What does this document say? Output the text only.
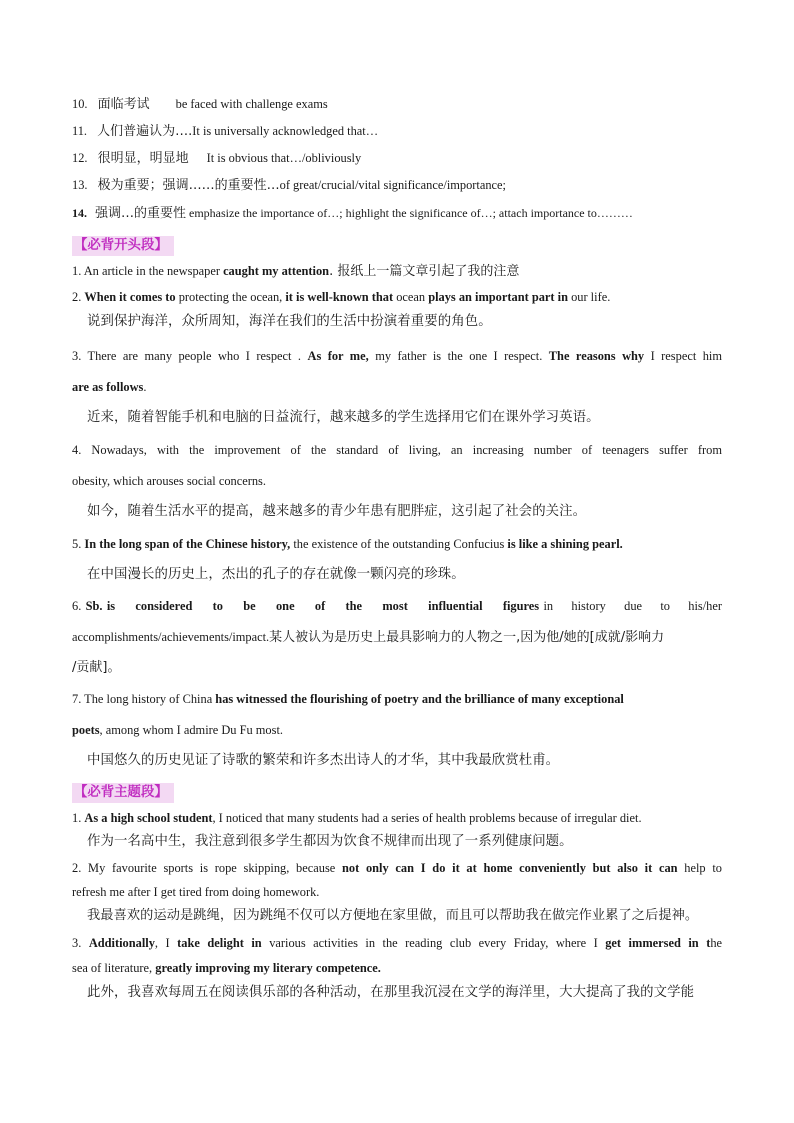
10. 面临考试 be faced with challenge exams
11. 人们普遍认为….It is universally acknowledged that…
12. 很明显，明显地 It is obvious that…/obliviously
13. 极为重要；强调……的重要性…of great/crucial/vital significance/importance;
14. 强调…的重要性 emphasize the importance of…; highlight the significance of…; attach importance to………
【必背开头段】
1. An article in the newspaper caught my attention. 报纸上一篇文章引起了我的注意
2. When it comes to protecting the ocean, it is well-known that ocean plays an important part in our life.
说到保护海洋，众所周知，海洋在我们的生活中扮演着重要的角色。
3. There are many people who I respect . As for me, my father is the one I respect. The reasons why I respect him
are as follows.
近来，随着智能手机和电脑的日益流行，越来越多的学生选择用它们在课外学习英语。
4. Nowadays, with the improvement of the standard of living, an increasing number of teenagers suffer from
obesity, which arouses social concerns.
如今，随着生活水平的提高，越来越多的青少年患有肥胖症，这引起了社会的关注。
5. In the long span of the Chinese history, the existence of the outstanding Confucius is like a shining pearl.
在中国漫长的历史上，杰出的孔子的存在就像一颗闪亮的珍珠。
6. Sb. is considered to be one of the most influential figures in history due to his/her
accomplishments/achievements/impact.某人被认为是历史上最具影响力的人物之一,因为他/她的[成就/影响力
/贡献]。
7. The long history of China has witnessed the flourishing of poetry and the brilliance of many exceptional
poets, among whom I admire Du Fu most.
中国悠久的历史见证了诗歌的繁荣和许多杰出诗人的才华，其中我最欣赏杜甫。
【必背主题段】
1. As a high school student, I noticed that many students had a series of health problems because of irregular diet.
作为一名高中生，我注意到很多学生都因为饮食不规律而出现了一系列健康问题。
2. My favourite sports is rope skipping, because not only can I do it at home conveniently but also it can help to
refresh me after I get tired from doing homework.
我最喜欢的运动是跳绳，因为跳绳不仅可以方便地在家里做，而且可以帮助我在做完作业累了之后提神。
3. Additionally, I take delight in various activities in the reading club every Friday, where I get immersed in the
sea of literature, greatly improving my literary competence.
此外，我喜欢每周五在阅读俱乐部的各种活动，在那里我沉浸在文学的海洋里，大大提高了我的文学能
